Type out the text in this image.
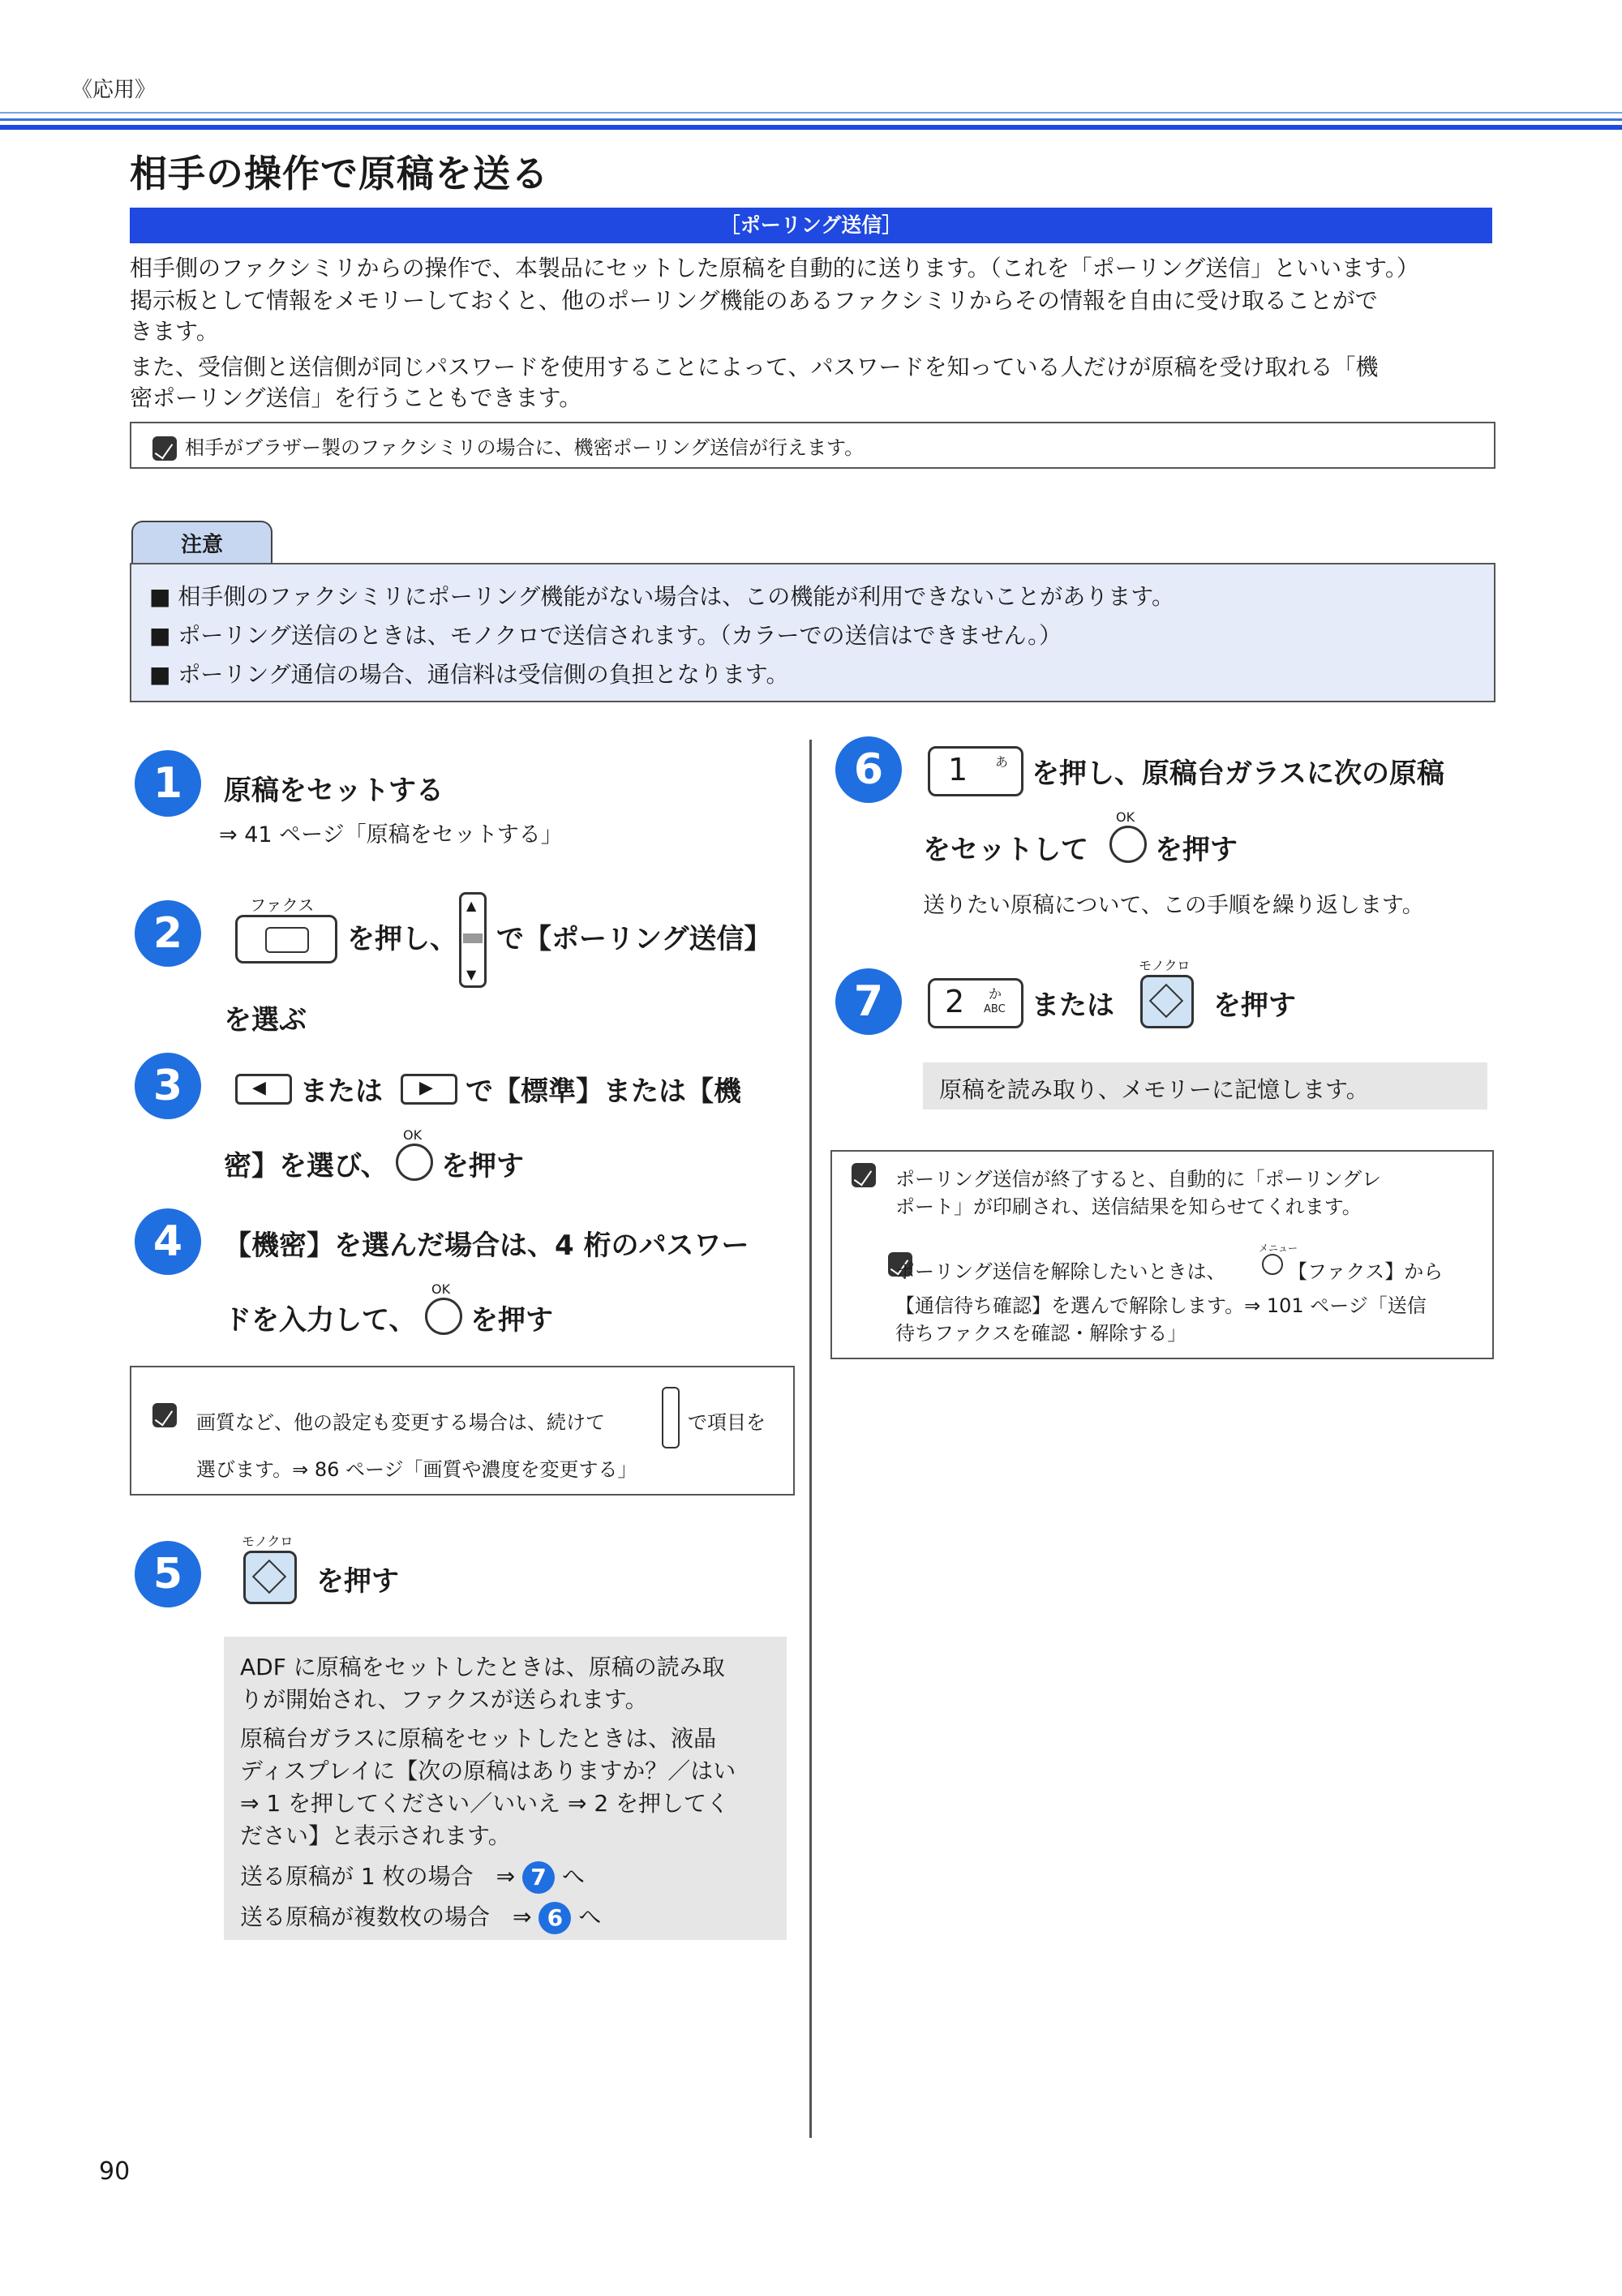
《応用》
相手の操作で原稿を送る
［ポーリング送信］
相手側のファクシミリからの操作で、本製品にセットした原稿を自動的に送ります。（これを「ポーリング送信」といいます。）
掲示板として情報をメモリーしておくと、他のポーリング機能のあるファクシミリからその情報を自由に受け取ることがで
きます。
また、受信側と送信側が同じパスワードを使用することによって、パスワードを知っている人だけが原稿を受け取れる「機
密ポーリング送信」を行うこともできます。
相手がブラザー製のファクシミリの場合に、機密ポーリング送信が行えます。
注意
■ 相手側のファクシミリにポーリング機能がない場合は、この機能が利用できないことがあります。
■ ポーリング送信のときは、モノクロで送信されます。（カラーでの送信はできません。）
■ ポーリング通信の場合、通信料は受信側の負担となります。
1	原稿をセットする
⇒ 41 ページ「原稿をセットする」
2
ファクス
を押し、
▲
▼
で【ポーリング送信】
を選ぶ
3	◀ または ▶ で【標準】または【機
密】を選び、
OK
を押す
4	【機密】を選んだ場合は、4 桁のパスワー
ドを入力して、
OK
を押す
画質など、他の設定も変更する場合は、続けて	で項目を
選びます。⇒ 86 ページ「画質や濃度を変更する」
5
モノクロ
を押す
ADF に原稿をセットしたときは、原稿の読み取
りが開始され、ファクスが送られます。
原稿台ガラスに原稿をセットしたときは、液晶
ディスプレイに【次の原稿はありますか？／はい
⇒ 1 を押してください／いいえ ⇒ 2 を押してく
ださい】と表示されます。
送る原稿が 1 枚の場合　⇒ 7 へ
送る原稿が複数枚の場合　⇒ 6 へ
6	1 あ を押し、原稿台ガラスに次の原稿
をセットして
OK
を押す
送りたい原稿について、この手順を繰り返します。
7	2 か
ABC または
モノクロ
を押す
原稿を読み取り、メモリーに記憶します。

ポーリング送信が終了すると、自動的に「ポーリングレ
ポート」が印刷され、送信結果を知らせてくれます。
ポーリング送信を解除したいときは、
メニュー
【ファクス】から
【通信待ち確認】を選んで解除します。⇒ 101 ページ「送信
待ちファクスを確認・解除する」
90
